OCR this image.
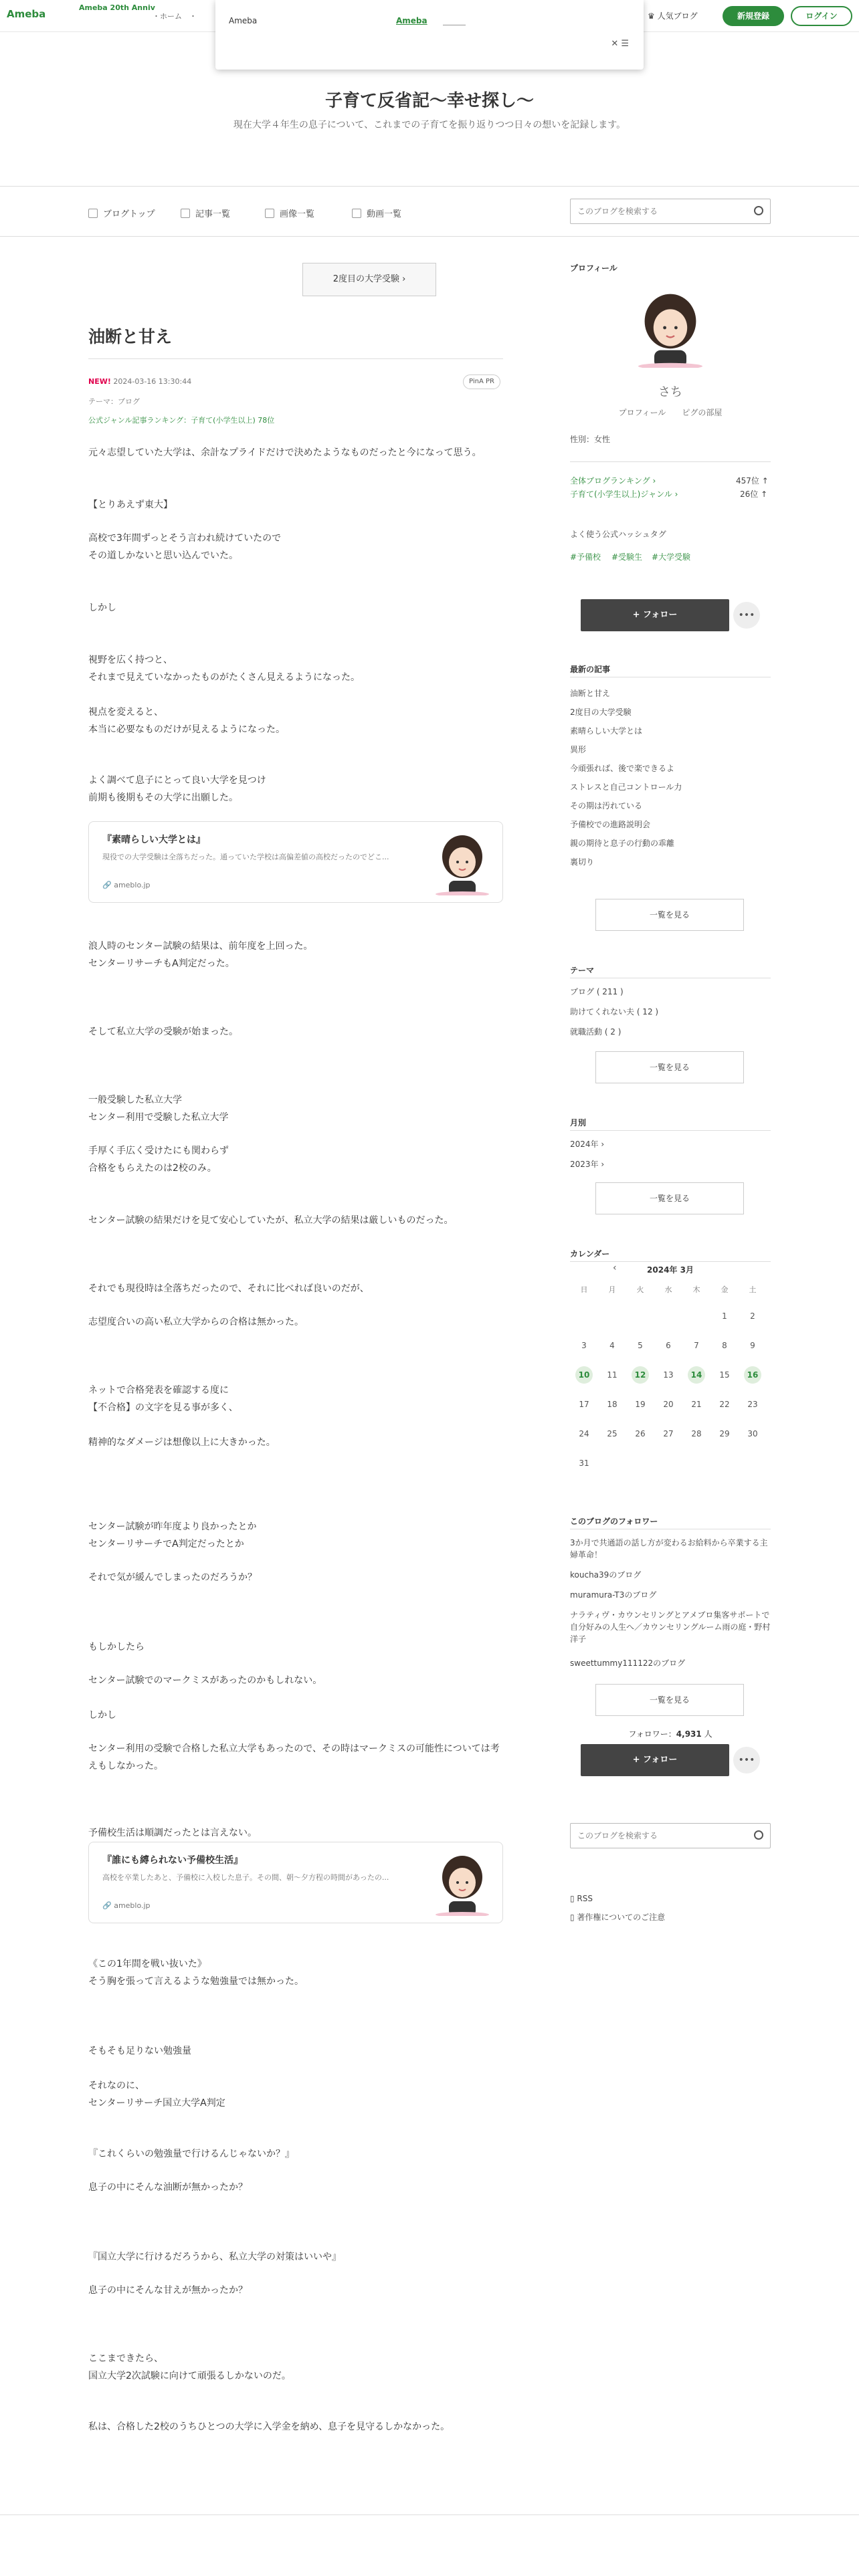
Ameba
Ameba 20th Anniv
・ホーム　・	♛ 人気ブログ	新規登録	ログイン
Ameba	Ameba
✕ ☰
子育て反省記〜幸せ探し〜
現在大学４年生の息子について、これまでの子育てを振り返りつつ日々の想いを記録します。
ブログトップ	記事一覧	画像一覧	動画一覧
このブログを検索する
2度目の大学受験 ›
油断と甘え
NEW! 2024-03-16 13:30:44	PinA PR
テーマ：ブログ
公式ジャンル記事ランキング：子育て(小学生以上) 78位

元々志望していた大学は、余計なプライドだけで決めたようなものだったと今になって思う。

【とりあえず東大】

高校で3年間ずっとそう言われ続けていたので
その道しかないと思い込んでいた。

しかし

視野を広く持つと、
それまで見えていなかったものがたくさん見えるようになった。

視点を変えると、
本当に必要なものだけが見えるようになった。

よく調べて息子にとって良い大学を見つけ
前期も後期もその大学に出願した。

浪人時のセンター試験の結果は、前年度を上回った。
センターリサーチもA判定だった。

そして私立大学の受験が始まった。

一般受験した私立大学
センター利用で受験した私立大学

手厚く手広く受けたにも関わらず
合格をもらえたのは2校のみ。

センター試験の結果だけを見て安心していたが、私立大学の結果は厳しいものだった。

それでも現役時は全落ちだったので、それに比べれば良いのだが、

志望度合いの高い私立大学からの合格は無かった。

ネットで合格発表を確認する度に
【不合格】の文字を見る事が多く、

精神的なダメージは想像以上に大きかった。

センター試験が昨年度より良かったとか
センターリサーチでA判定だったとか

それで気が緩んでしまったのだろうか？

もしかしたら

センター試験でのマークミスがあったのかもしれない。

しかし

センター利用の受験で合格した私立大学もあったので、その時はマークミスの可能性については考えもしなかった。

予備校生活は順調だったとは言えない。

《この1年間を戦い抜いた》
そう胸を張って言えるような勉強量では無かった。

そもそも足りない勉強量

それなのに、
センターリサーチ国立大学A判定

『これくらいの勉強量で行けるんじゃないか？』

息子の中にそんな油断が無かったか？

『国立大学に行けるだろうから、私立大学の対策はいいや』

息子の中にそんな甘えが無かったか？

ここまできたら、
国立大学2次試験に向けて頑張るしかないのだ。

私は、合格した2校のうちひとつの大学に入学金を納め、息子を見守るしかなかった。

『素晴らしい大学とは』
現役での大学受験は全落ちだった。通っていた学校は高偏差値の高校だったのでどこ...
🔗 ameblo.jp
『誰にも縛られない予備校生活』
高校を卒業したあと、予備校に入校した息子。その間、朝〜夕方程の時間があったの...
🔗 ameblo.jp
プロフィール
さち
プロフィール　　 ピグの部屋
性別：女性
全体ブログランキング ›	457位 ↑
子育て(小学生以上)ジャンル ›	26位 ↑
よく使う公式ハッシュタグ
#予備校 #受験生 #大学受験
+ フォロー	•••
最新の記事
油断と甘え
2度目の大学受験
素晴らしい大学とは
異形
今頑張れば、後で楽できるよ
ストレスと自己コントロール力
その期は汚れている
予備校での進路説明会
親の期待と息子の行動の乖離
裏切り
一覧を見る
テーマ
ブログ ( 211 )
助けてくれない夫 ( 12 )
就職活動 ( 2 )
一覧を見る
月別
2024年 ›
2023年 ›
一覧を見る
カレンダー
‹	2024年 3月
日	月	火	水	木	金	土
					1	2
3	4	5	6	7	8	9
10	11	12	13	14	15	16
17	18	19	20	21	22	23
24	25	26	27	28	29	30
31						
このブログのフォロワー
3か月で共通語の話し方が変わるお給料から卒業する主婦革命！
koucha39のブログ
muramura-T3のブログ
ナラティヴ・カウンセリングとアメブロ集客サポートで自分好みの人生へ／カウンセリングルーム雨の庭・野村洋子
sweettummy111122のブログ
一覧を見る
フォロワー：4,931 人
+ フォロー	•••
このブログを検索する
▯ RSS
▯ 著作権についてのご注意
